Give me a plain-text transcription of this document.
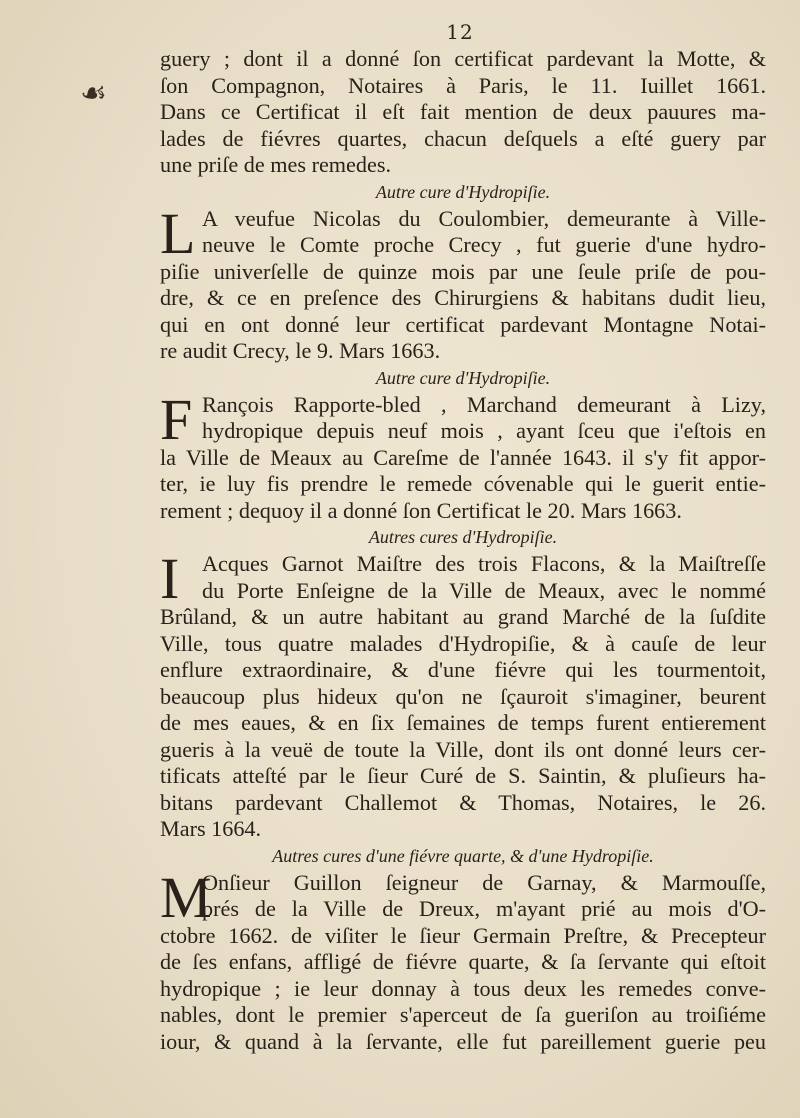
12
☙
guery ; dont il a donné ſon certificat pardevant la Motte, &
ſon Compagnon, Notaires à Paris, le 11. Iuillet 1661.
Dans ce Certificat il eſt fait mention de deux pauures ma-
lades de fiévres quartes, chacun deſquels a eſté guery par
une priſe de mes remedes.
Autre cure d'Hydropiſie.
L A veufue Nicolas du Coulombier, demeurante à Ville-
neuve le Comte proche Crecy , fut guerie d'une hydro-
piſie univerſelle de quinze mois par une ſeule priſe de pou-
dre, & ce en preſence des Chirurgiens & habitans dudit lieu,
qui en ont donné leur certificat pardevant Montagne Notai-
re audit Crecy, le 9. Mars 1663.
Autre cure d'Hydropiſie.
F Rançois Rapporte-bled , Marchand demeurant à Lizy,
hydropique depuis neuf mois , ayant ſceu que i'eſtois en
la Ville de Meaux au Careſme de l'année 1643. il s'y fit appor-
ter, ie luy fis prendre le remede cóvenable qui le guerit entie-
rement ; dequoy il a donné ſon Certificat le 20. Mars 1663.
Autres cures d'Hydropiſie.
I	Acques Garnot Maiſtre des trois Flacons, & la Maiſtreſſe
du Porte Enſeigne de la Ville de Meaux, avec le nommé
Brûland, & un autre habitant au grand Marché de la ſuſdite
Ville, tous quatre malades d'Hydropiſie, & à cauſe de leur
enflure extraordinaire, & d'une fiévre qui les tourmentoit,
beaucoup plus hideux qu'on ne ſçauroit s'imaginer, beurent
de mes eaues, & en ſix ſemaines de temps furent entierement
gueris à la veuë de toute la Ville, dont ils ont donné leurs cer-
tificats atteſté par le ſieur Curé de S. Saintin, & pluſieurs ha-
bitans pardevant Challemot & Thomas, Notaires, le 26.
Mars 1664.
Autres cures d'une fiévre quarte, & d'une Hydropiſie.
M
Onſieur Guillon ſeigneur de Garnay, & Marmouſſe,
prés de la Ville de Dreux, m'ayant prié au mois d'O-
ctobre 1662. de viſiter le ſieur Germain Preſtre, & Precepteur
de ſes enfans, affligé de fiévre quarte, & ſa ſervante qui eſtoit
hydropique ; ie leur donnay à tous deux les remedes conve-
nables, dont le premier s'aperceut de ſa gueriſon au troiſiéme
iour, & quand à la ſervante, elle fut pareillement guerie peu
